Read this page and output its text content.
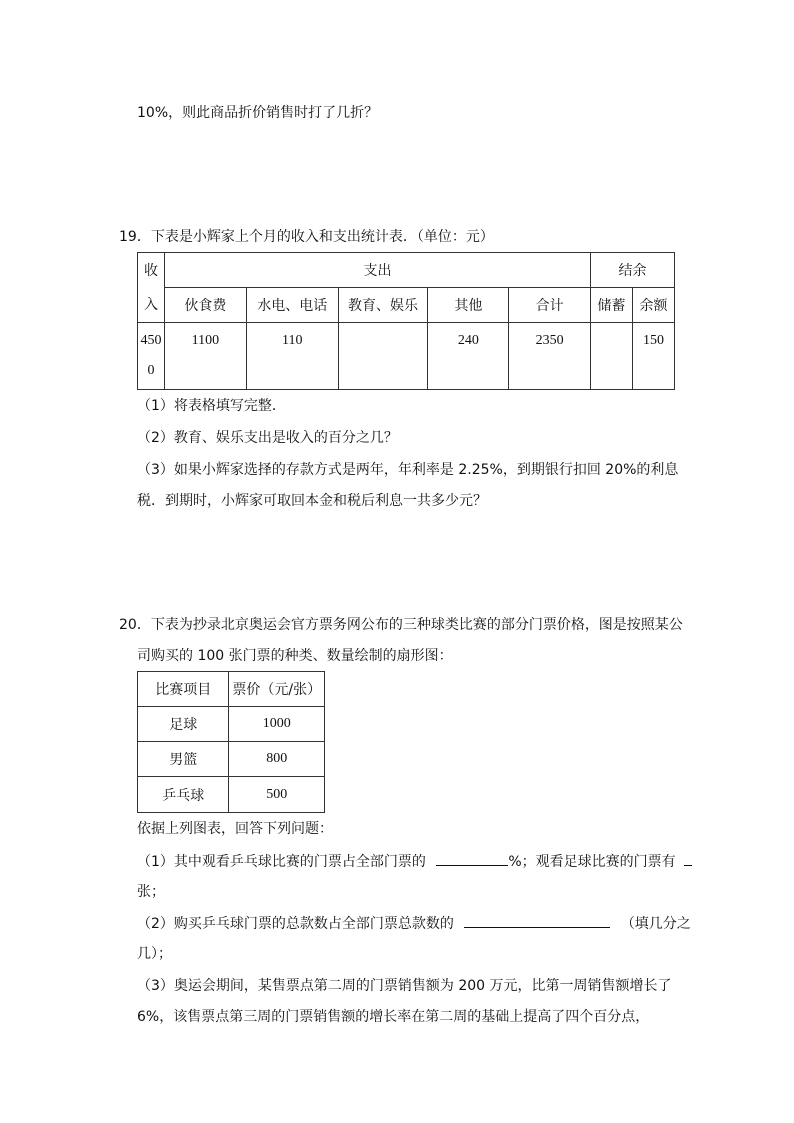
10%，则此商品折价销售时打了几折？
19．下表是小辉家上个月的收入和支出统计表．（单位：元）
收
入	支出					结余	
	伙食费	水电、电话	教育、娱乐	其他	合计	储蓄	余额

450
0	1100	110		240	2350		150
（1）将表格填写完整．
（2）教育、娱乐支出是收入的百分之几？
（3）如果小辉家选择的存款方式是两年，年利率是 2.25%，到期银行扣回 20%的利息
税．到期时，小辉家可取回本金和税后利息一共多少元？
20．下表为抄录北京奥运会官方票务网公布的三种球类比赛的部分门票价格，图是按照某公
司购买的 100 张门票的种类、数量绘制的扇形图：
比赛项目	票价（元/张）
足球	1000
男篮	800
乒乓球	500
依据上列图表，回答下列问题：
（1）其中观看乒乓球比赛的门票占全部门票的	%；观看足球比赛的门票有
张；
（2）购买乒乓球门票的总款数占全部门票总款数的	（填几分之
几）；
（3）奥运会期间，某售票点第二周的门票销售额为 200 万元，比第一周销售额增长了
6%，该售票点第三周的门票销售额的增长率在第二周的基础上提高了四个百分点，
